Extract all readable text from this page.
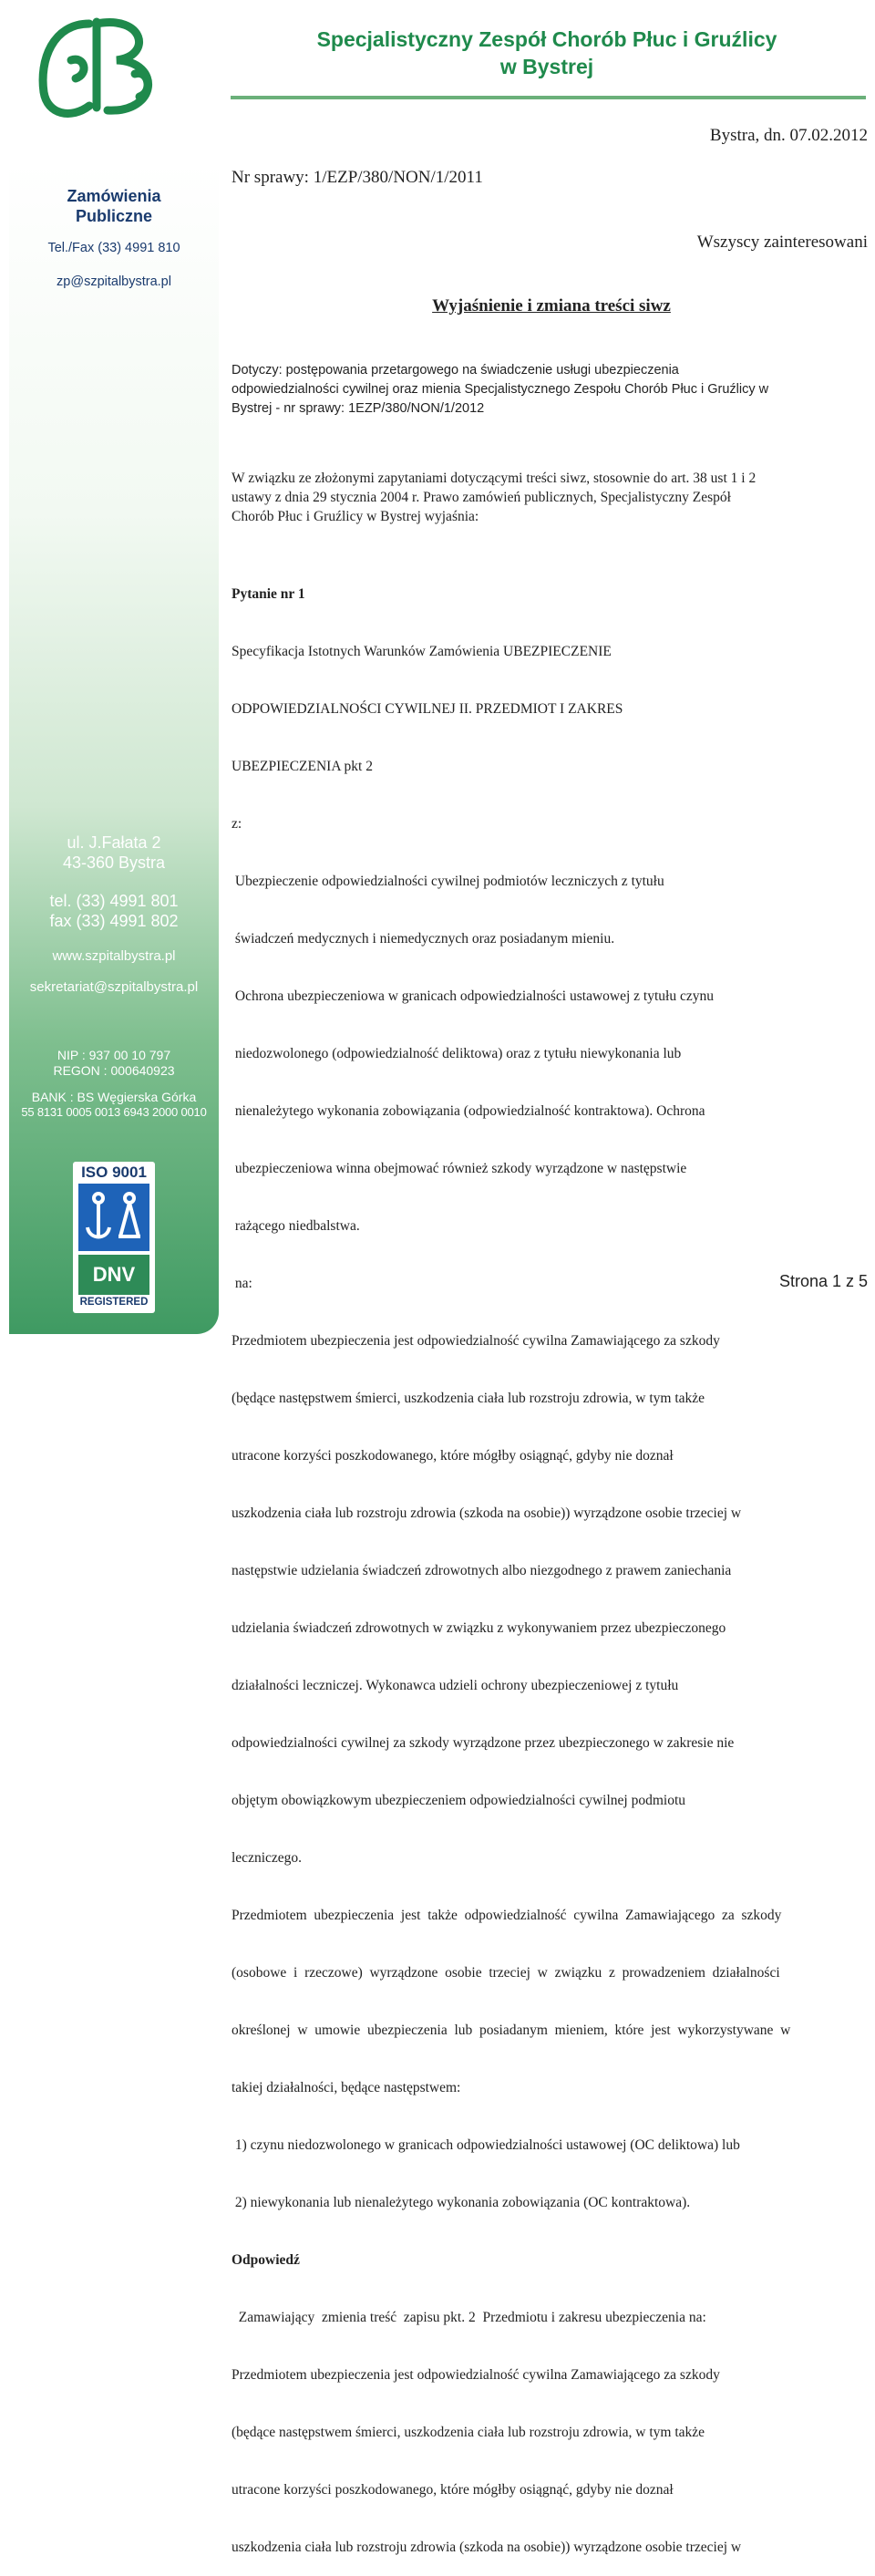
Specjalistyczny Zespół Chorób Płuc i Gruźlicy
w Bystrej
Bystra, dn. 07.02.2012
Zamówienia
Publiczne
Tel./Fax (33) 4991 810
zp@szpitalbystra.pl
ul. J.Fałata 2
43-360 Bystra
tel. (33) 4991 801
fax (33) 4991 802
www.szpitalbystra.pl
sekretariat@szpitalbystra.pl
NIP : 937 00 10 797
REGON : 000640923
BANK : BS Węgierska Górka
55 8131 0005 0013 6943 2000 0010
ISO 9001
DNV
REGISTERED
Nr sprawy: 1/EZP/380/NON/1/2011
Wszyscy zainteresowani
Wyjaśnienie i zmiana treści siwz

Dotyczy: postępowania przetargowego na świadczenie usługi ubezpieczenia

odpowiedzialności cywilnej oraz mienia Specjalistycznego Zespołu Chorób Płuc i Gruźlicy w

Bystrej - nr sprawy: 1EZP/380/NON/1/2012

W związku ze złożonymi zapytaniami dotyczącymi treści siwz, stosownie do art. 38 ust 1 i 2

ustawy z dnia 29 stycznia 2004 r. Prawo zamówień publicznych, Specjalistyczny Zespół

Chorób Płuc i Gruźlicy w Bystrej wyjaśnia:

Pytanie nr 1

Specyfikacja Istotnych Warunków Zamówienia UBEZPIECZENIE

ODPOWIEDZIALNOŚCI CYWILNEJ II. PRZEDMIOT I ZAKRES

UBEZPIECZENIA pkt 2

z:

Ubezpieczenie odpowiedzialności cywilnej podmiotów leczniczych z tytułu

świadczeń medycznych i niemedycznych oraz posiadanym mieniu.

Ochrona ubezpieczeniowa w granicach odpowiedzialności ustawowej z tytułu czynu

niedozwolonego (odpowiedzialność deliktowa) oraz z tytułu niewykonania lub

nienależytego wykonania zobowiązania (odpowiedzialność kontraktowa). Ochrona

ubezpieczeniowa winna obejmować również szkody wyrządzone w następstwie

rażącego niedbalstwa.

na:

Przedmiotem ubezpieczenia jest odpowiedzialność cywilna Zamawiającego za szkody

(będące następstwem śmierci, uszkodzenia ciała lub rozstroju zdrowia, w tym także

utracone korzyści poszkodowanego, które mógłby osiągnąć, gdyby nie doznał

uszkodzenia ciała lub rozstroju zdrowia (szkoda na osobie)) wyrządzone osobie trzeciej w

następstwie udzielania świadczeń zdrowotnych albo niezgodnego z prawem zaniechania

udzielania świadczeń zdrowotnych w związku z wykonywaniem przez ubezpieczonego

działalności leczniczej. Wykonawca udzieli ochrony ubezpieczeniowej z tytułu

odpowiedzialności cywilnej za szkody wyrządzone przez ubezpieczonego w zakresie nie

objętym obowiązkowym ubezpieczeniem odpowiedzialności cywilnej podmiotu

leczniczego.

Przedmiotem  ubezpieczenia  jest  także  odpowiedzialność  cywilna  Zamawiającego  za  szkody

(osobowe  i  rzeczowe)  wyrządzone  osobie  trzeciej  w  związku  z  prowadzeniem  działalności

określonej  w  umowie  ubezpieczenia  lub  posiadanym  mieniem,  które  jest  wykorzystywane  w

takiej działalności, będące następstwem:

1) czynu niedozwolonego w granicach odpowiedzialności ustawowej (OC deliktowa) lub

2) niewykonania lub nienależytego wykonania zobowiązania (OC kontraktowa).

Odpowiedź

Zamawiający  zmienia treść  zapisu pkt. 2  Przedmiotu i zakresu ubezpieczenia na:

Przedmiotem ubezpieczenia jest odpowiedzialność cywilna Zamawiającego za szkody

(będące następstwem śmierci, uszkodzenia ciała lub rozstroju zdrowia, w tym także

utracone korzyści poszkodowanego, które mógłby osiągnąć, gdyby nie doznał

uszkodzenia ciała lub rozstroju zdrowia (szkoda na osobie)) wyrządzone osobie trzeciej w

Strona 1 z 5
